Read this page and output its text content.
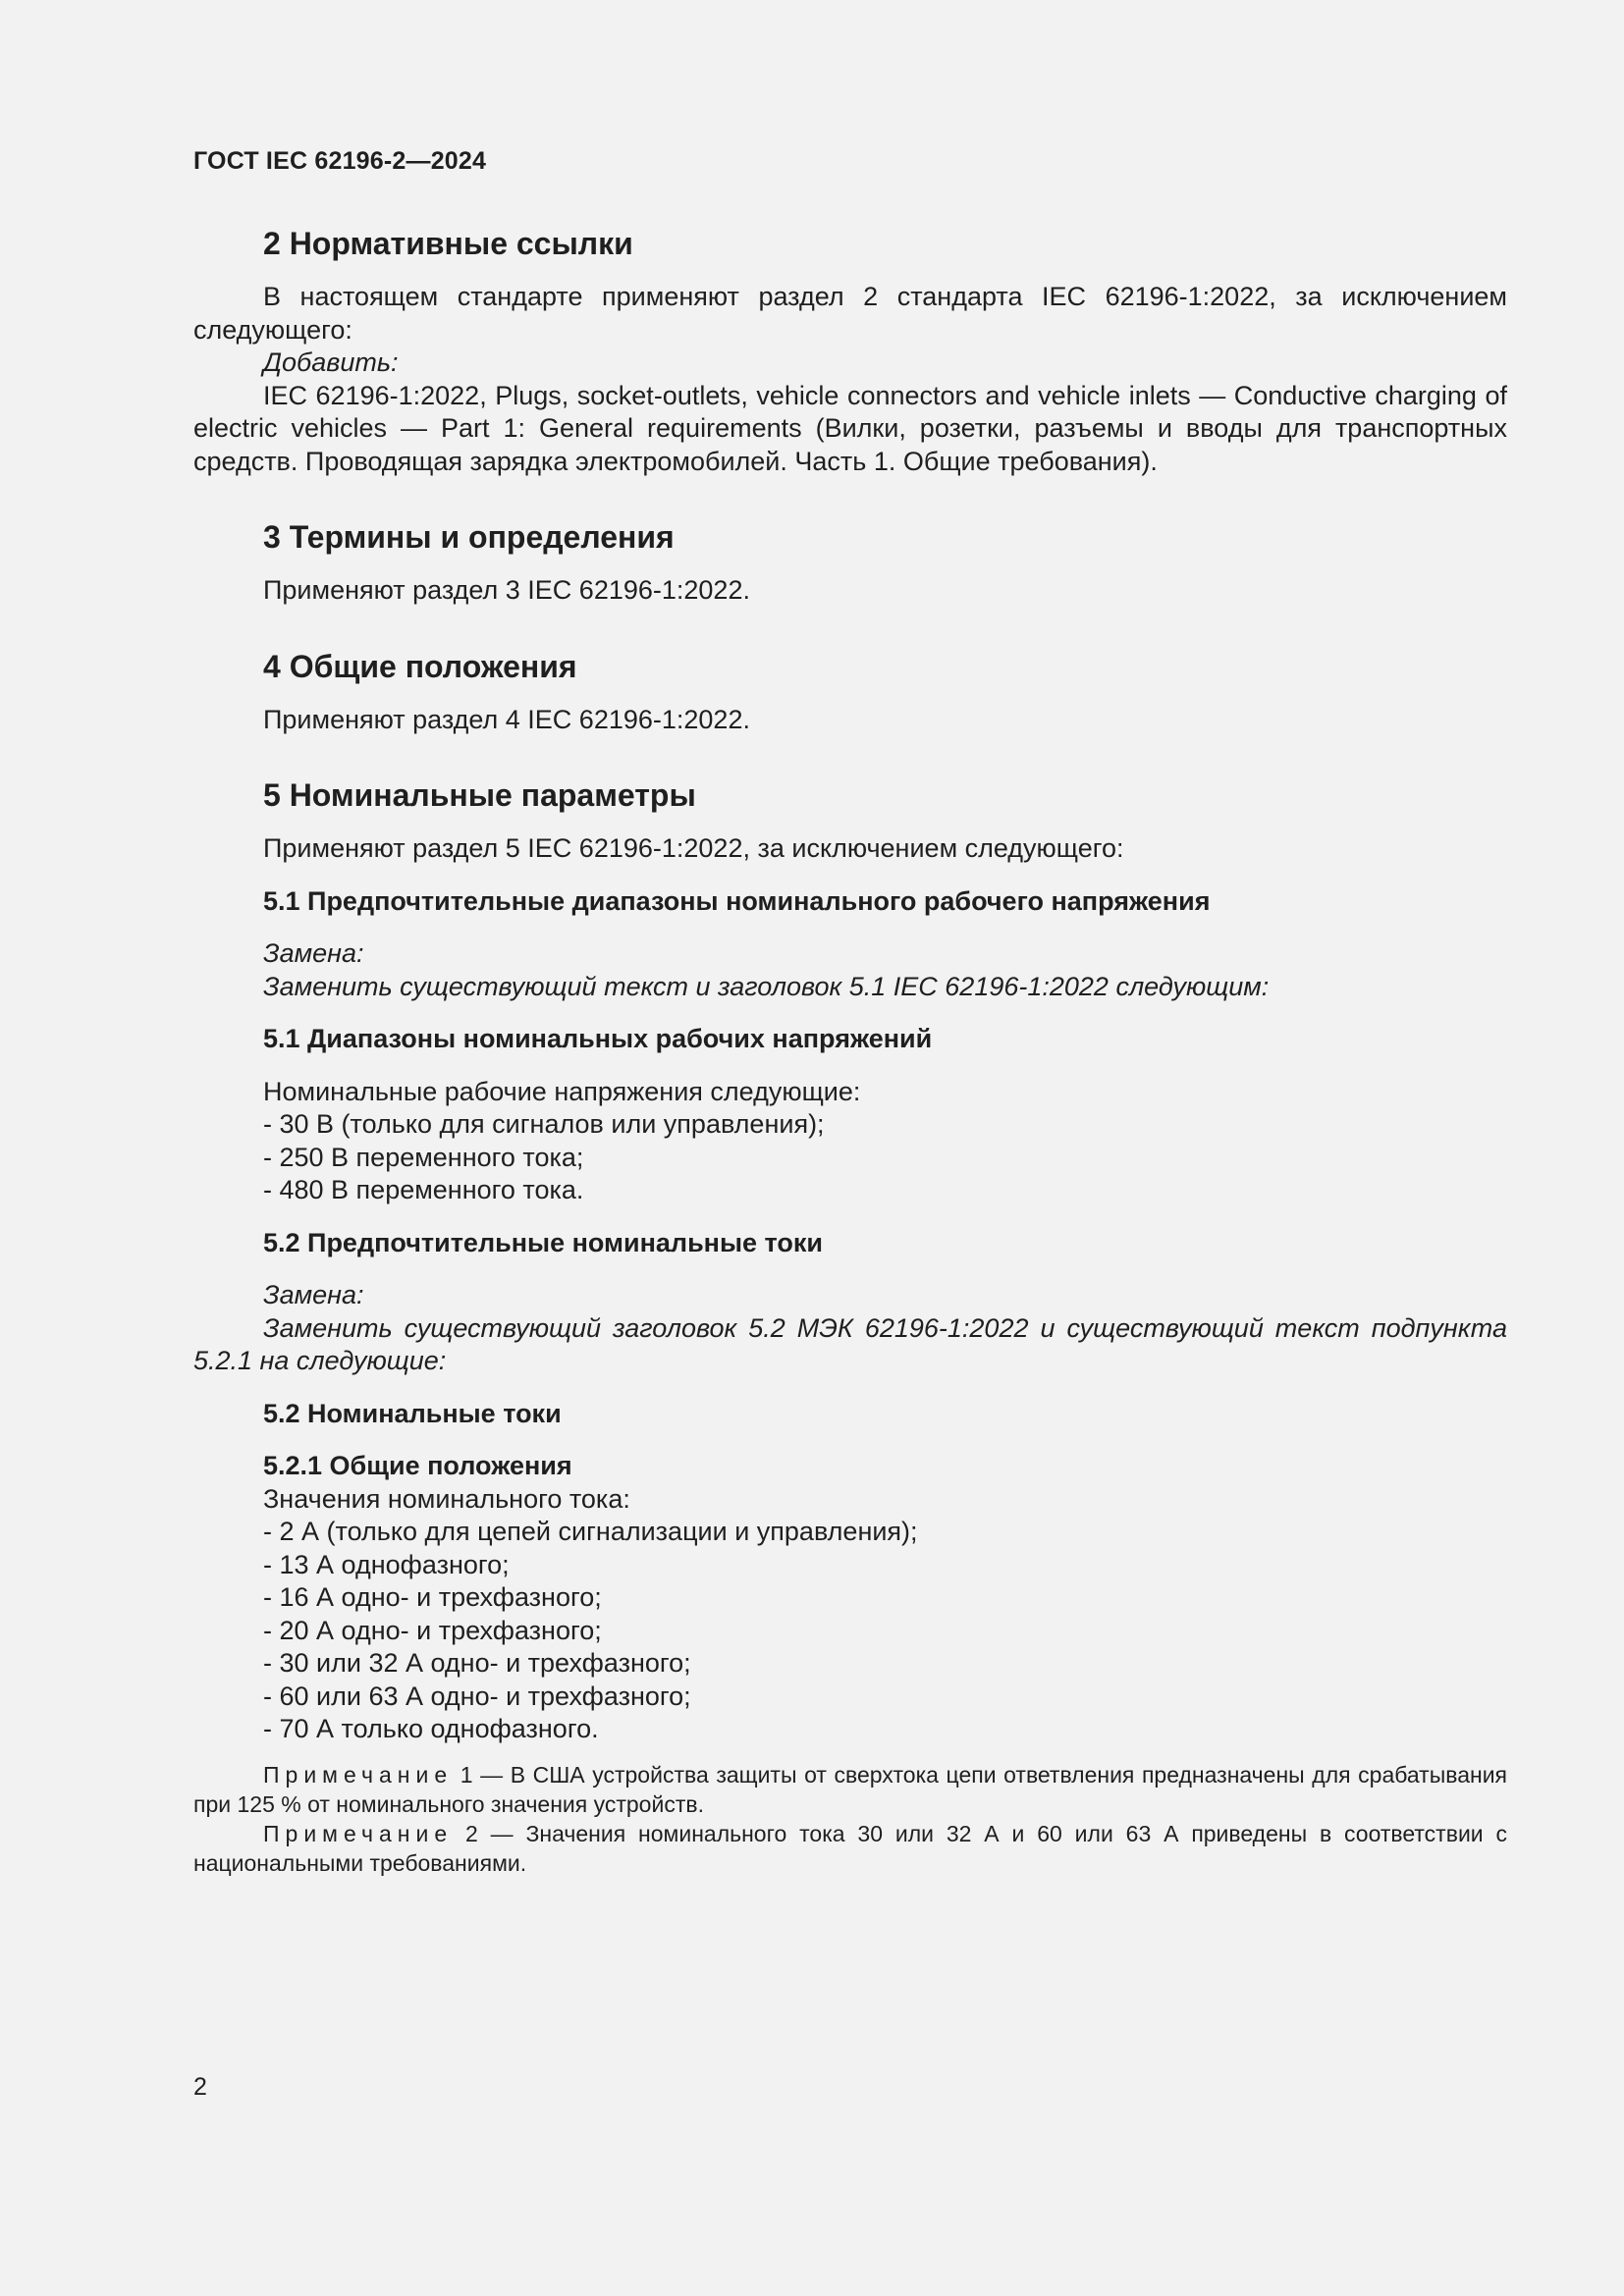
ГОСТ IEC 62196-2—2024
2 Нормативные ссылки

В настоящем стандарте применяют раздел 2 стандарта IEC 62196-1:2022, за исключением следующего:

Добавить:

IEC 62196-1:2022, Plugs, socket-outlets, vehicle connectors and vehicle inlets — Conductive charging of electric vehicles — Part 1: General requirements (Вилки, розетки, разъемы и вводы для транспортных средств. Проводящая зарядка электромобилей. Часть 1. Общие требования).

3 Термины и определения

Применяют раздел 3 IEC 62196-1:2022.

4 Общие положения

Применяют раздел 4 IEC 62196-1:2022.

5 Номинальные параметры

Применяют раздел 5 IEC 62196-1:2022, за исключением следующего:

5.1 Предпочтительные диапазоны номинального рабочего напряжения

Замена:

Заменить существующий текст и заголовок 5.1 IEC 62196-1:2022 следующим:

5.1 Диапазоны номинальных рабочих напряжений

Номинальные рабочие напряжения следующие:

- 30 В (только для сигналов или управления);
- 250 В переменного тока;
- 480 В переменного тока.
5.2 Предпочтительные номинальные токи

Замена:

Заменить существующий заголовок 5.2 МЭК 62196-1:2022 и существующий текст подпункта 5.2.1 на следующие:

5.2 Номинальные токи
5.2.1 Общие положения

Значения номинального тока:

- 2 А (только для цепей сигнализации и управления);
- 13 А однофазного;
- 16 А одно- и трехфазного;
- 20 А одно- и трехфазного;
- 30 или 32 А одно- и трехфазного;
- 60 или 63 А одно- и трехфазного;
- 70 А только однофазного.

Примечание 1 — В США устройства защиты от сверхтока цепи ответвления предназначены для срабатывания при 125 % от номинального значения устройств.

Примечание 2 — Значения номинального тока 30 или 32 А и 60 или 63 А приведены в соответствии с национальными требованиями.

2
